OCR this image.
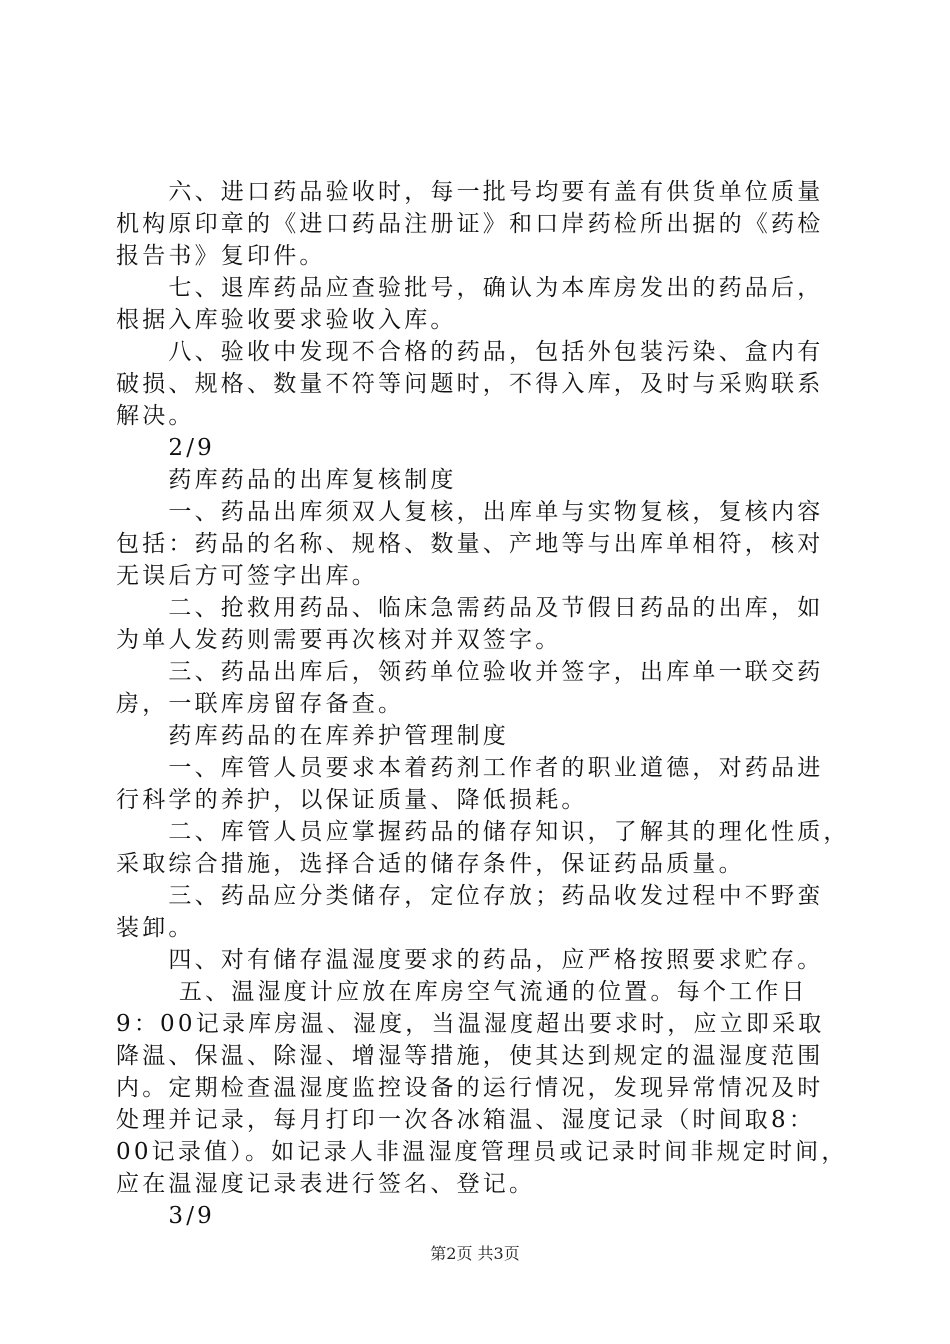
　　六、进口药品验收时，每一批号均要有盖有供货单位质量
机构原印章的《进口药品注册证》和口岸药检所出据的《药检
报告书》复印件。
　　七、退库药品应查验批号，确认为本库房发出的药品后，
根据入库验收要求验收入库。
　　八、验收中发现不合格的药品，包括外包装污染、盒内有
破损、规格、数量不符等问题时，不得入库，及时与采购联系
解决。
　　2/9
　　药库药品的出库复核制度
　　一、药品出库须双人复核，出库单与实物复核，复核内容
包括：药品的名称、规格、数量、产地等与出库单相符，核对
无误后方可签字出库。
　　二、抢救用药品、临床急需药品及节假日药品的出库，如
为单人发药则需要再次核对并双签字。
　　三、药品出库后，领药单位验收并签字，出库单一联交药
房，一联库房留存备查。
　　药库药品的在库养护管理制度
　　一、库管人员要求本着药剂工作者的职业道德，对药品进
行科学的养护，以保证质量、降低损耗。
　　二、库管人员应掌握药品的储存知识，了解其的理化性质，
采取综合措施，选择合适的储存条件，保证药品质量。
　　三、药品应分类储存，定位存放；药品收发过程中不野蛮
装卸。
　　四、对有储存温湿度要求的药品，应严格按照要求贮存。
　　 五、温湿度计应放在库房空气流通的位置。每个工作日
9：00记录库房温、湿度，当温湿度超出要求时，应立即采取
降温、保温、除湿、增湿等措施，使其达到规定的温湿度范围
内。定期检查温湿度监控设备的运行情况，发现异常情况及时
处理并记录，每月打印一次各冰箱温、湿度记录（时间取8：
00记录值）。如记录人非温湿度管理员或记录时间非规定时间，
应在温湿度记录表进行签名、登记。
　　3/9
第2页 共3页
